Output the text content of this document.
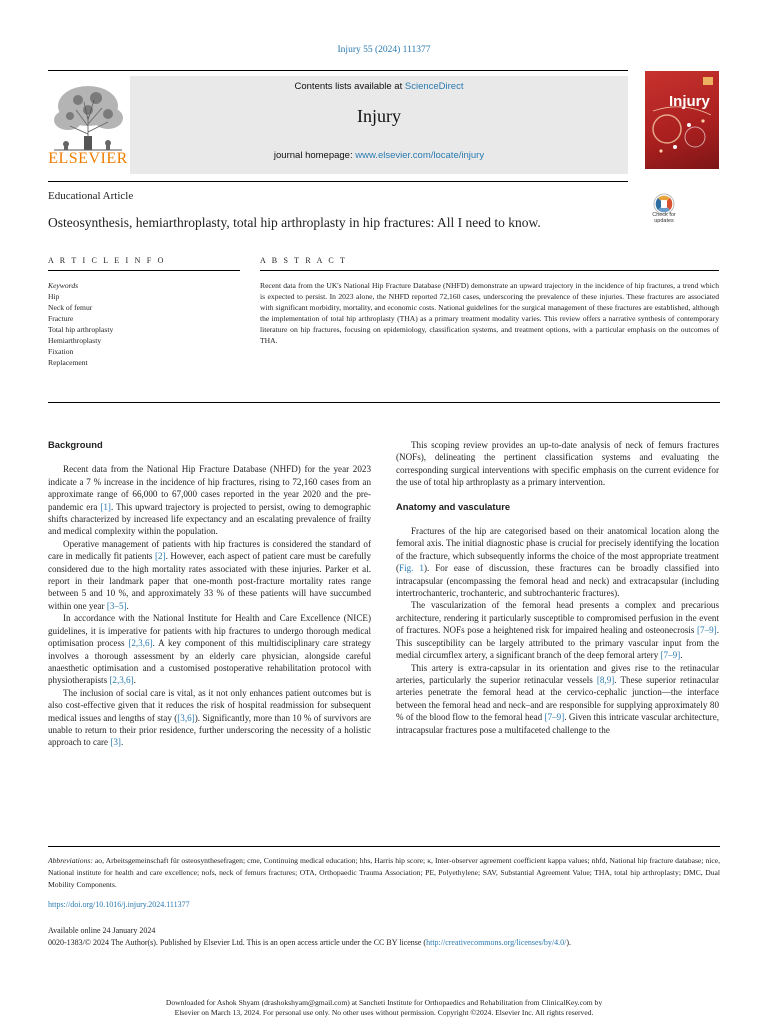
Injury 55 (2024) 111377
ELSEVIER
Contents lists available at ScienceDirect
Injury
journal homepage: www.elsevier.com/locate/injury
Injury
Educational Article
Osteosynthesis, hemiarthroplasty, total hip arthroplasty in hip fractures: All I need to know.	Check for
updates
A R T I C L E I N F O	A B S T R A C T
Keywords
Hip
Neck of femur
Fracture
Total hip arthroplasty
Hemiarthroplasty
Fixation
Replacement
Recent data from the UK's National Hip Fracture Database (NHFD) demonstrate an upward trajectory in the incidence of hip fractures, a trend which is expected to persist. In 2023 alone, the NHFD reported 72,160 cases, underscoring the prevalence of these injuries. These fractures are associated with significant morbidity, mortality, and economic costs. National guidelines for the surgical management of these fractures are established, although the implementation of total hip arthroplasty (THA) as a primary treatment modality varies. This review offers a narrative synthesis of contemporary literature on hip fractures, focusing on epidemiology, classification systems, and treatment options, with a particular emphasis on the outcomes of THA.

Background

Recent data from the National Hip Fracture Database (NHFD) for the year 2023 indicate a 7 % increase in the incidence of hip fractures, rising to 72,160 cases from an approximate range of 66,000 to 67,000 cases reported in the year 2020 and the pre-pandemic era [1]. This upward trajectory is projected to persist, owing to demographic shifts characterized by increased life expectancy and an escalating prevalence of frailty and medical complexity within the population.

Operative management of patients with hip fractures is considered the standard of care in medically fit patients [2]. However, each aspect of patient care must be carefully considered due to the high mortality rates associated with these injuries. Parker et al. report in their landmark paper that one-month post-fracture mortality rates range between 5 and 10 %, and approximately 33 % of these patients will have succumbed within one year [3–5].

In accordance with the National Institute for Health and Care Excellence (NICE) guidelines, it is imperative for patients with hip fractures to undergo thorough medical optimisation process [2,3,6]. A key component of this multidisciplinary care strategy involves a thorough assessment by an elderly care physician, alongside careful anaesthetic optimisation and a customised postoperative rehabilitation protocol with physiotherapists [2,3,6].

The inclusion of social care is vital, as it not only enhances patient outcomes but is also cost-effective given that it reduces the risk of hospital readmission for subsequent medical issues and lengths of stay ([3,6]). Significantly, more than 10 % of survivors are unable to return to their prior residence, further underscoring the necessity of a holistic approach to care [3].

This scoping review provides an up-to-date analysis of neck of femurs fractures (NOFs), delineating the pertinent classification systems and evaluating the corresponding surgical interventions with specific emphasis on the current evidence for the use of total hip arthroplasty as a primary intervention.

Anatomy and vasculature

Fractures of the hip are categorised based on their anatomical location along the femoral axis. The initial diagnostic phase is crucial for precisely identifying the location of the fracture, which subsequently informs the choice of the most appropriate treatment (Fig. 1). For ease of discussion, these fractures can be broadly classified into intracapsular (encompassing the femoral head and neck) and extracapsular (including intertrochanteric, trochanteric, and subtrochanteric fractures).

The vascularization of the femoral head presents a complex and precarious architecture, rendering it particularly susceptible to compromised perfusion in the event of fractures. NOFs pose a heightened risk for impaired healing and osteonecrosis [7–9]. This susceptibility can be largely attributed to the primary vascular input from the medial circumflex artery, a significant branch of the deep femoral artery [7–9].

This artery is extra-capsular in its orientation and gives rise to the retinacular arteries, particularly the superior retinacular vessels [8,9]. These superior retinacular arteries penetrate the femoral head at the cervico-cephalic junction—the interface between the femoral head and neck–and are responsible for supplying approximately 80 % of the blood flow to the femoral head [7–9]. Given this intricate vascular architecture, intracapsular fractures pose a multifaceted challenge to the

Abbreviations: ao, Arbeitsgemeinschaft für osteosynthesefragen; cme, Continuing medical education; hhs, Harris hip score; κ, Inter-observer agreement coefficient kappa values; nhfd, National hip fracture database; nice, National institute for health and care excellence; nofs, neck of femurs fractures; OTA, Orthopaedic Trauma Association; PE, Polyethylene; SAV, Substantial Agreement Value; THA, total hip arthroplasty; DMC, Dual Mobility Components.
https://doi.org/10.1016/j.injury.2024.111377
Available online 24 January 2024
0020-1383/© 2024 The Author(s). Published by Elsevier Ltd. This is an open access article under the CC BY license (http://creativecommons.org/licenses/by/4.0/).
Downloaded for Ashok Shyam (drashokshyam@gmail.com) at Sancheti Institute for Orthopaedics and Rehabilitation from ClinicalKey.com by
Elsevier on March 13, 2024. For personal use only. No other uses without permission. Copyright ©2024. Elsevier Inc. All rights reserved.
